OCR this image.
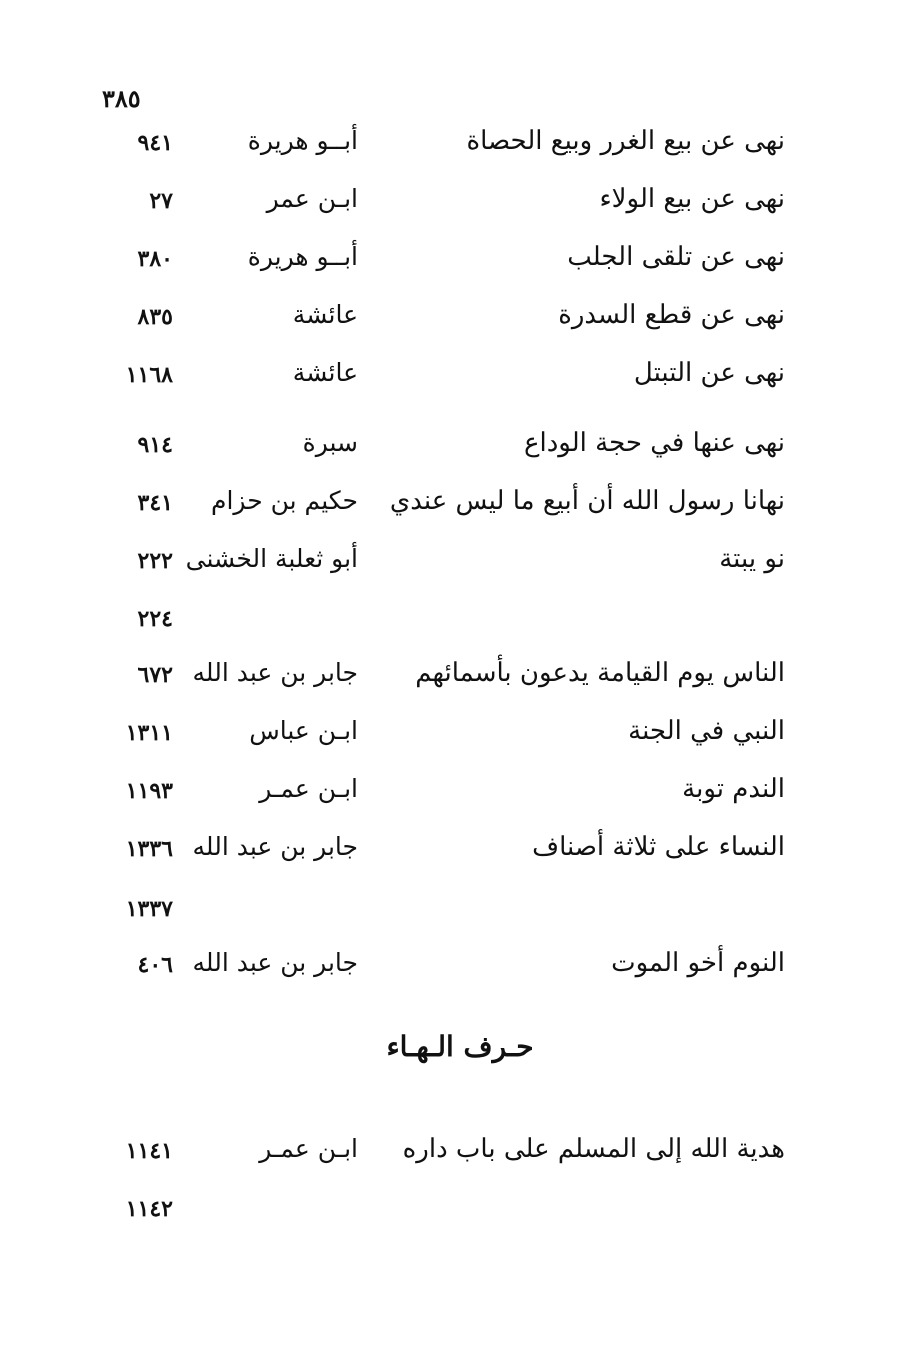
٣٨٥
نهى عن بيع الغرر وبيع الحصاة
أبــو هريرة
٩٤١
نهى عن بيع الولاء
ابـن عمر
٢٧
نهى عن تلقى الجلب
أبــو هريرة
٣٨٠
نهى عن قطع السدرة
عائشة
٨٣٥
نهى عن التبتل
عائشة
١١٦٨
نهى عنها في حجة الوداع
سبرة
٩١٤
نهانا رسول الله أن أبيع ما ليس عندي
حكيم بن حزام
٣٤١
نو يبتة
أبو ثعلبة الخشنى
٢٢٢
٢٢٤
الناس يوم القيامة يدعون بأسمائهم
جابر بن عبد الله
٦٧٢
النبي في الجنة
ابـن عباس
١٣١١
الندم توبة
ابـن عمـر
١١٩٣
النساء على ثلاثة أصناف
جابر بن عبد الله
١٣٣٦
١٣٣٧
النوم أخو الموت
جابر بن عبد الله
٤٠٦
حـرف الـهـاء
هدية الله إلى المسلم على باب داره
ابـن عمـر
١١٤١
١١٤٢
